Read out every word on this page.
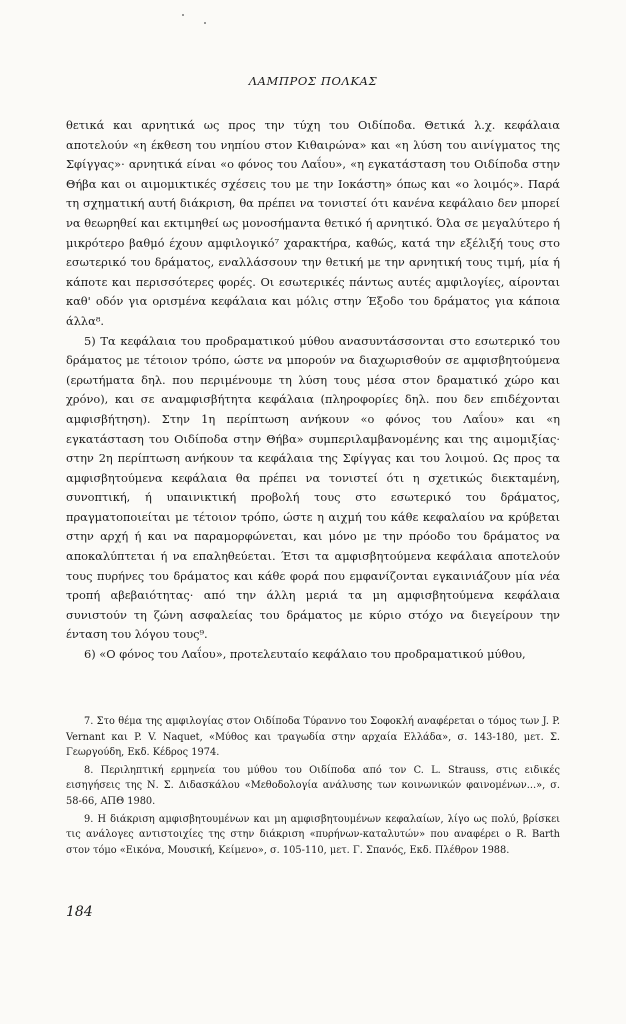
ΛΑΜΠΡΟΣ ΠΟΛΚΑΣ

θετικά και αρνητικά ως προς την τύχη του Οιδίποδα. Θετικά λ.χ. κεφάλαια αποτελούν «η έκθεση του νηπίου στον Κιθαιρώνα» και «η λύση του αινίγματος της Σφίγγας»· αρνητικά είναι «ο φόνος του Λαΐου», «η εγκατάσταση του Οιδίποδα στην Θήβα και οι αιμομικτικές σχέσεις του με την Ιοκάστη» όπως και «ο λοιμός». Παρά τη σχηματική αυτή διάκριση, θα πρέπει να τονιστεί ότι κανένα κεφάλαιο δεν μπορεί να θεωρηθεί και εκτιμηθεί ως μονοσήμαντα θετικό ή αρνητικό. Όλα σε μεγαλύτερο ή μικρότερο βαθμό έχουν αμφιλογικό⁷ χαρακτήρα, καθώς, κατά την εξέλιξή τους στο εσωτερικό του δράματος, εναλλάσσουν την θετική με την αρνητική τους τιμή, μία ή κάποτε και περισσότερες φορές. Οι εσωτερικές πάντως αυτές αμφιλογίες, αίρονται καθ' οδόν για ορισμένα κεφάλαια και μόλις στην Έξοδο του δράματος για κάποια άλλα⁸.

5) Τα κεφάλαια του προδραματικού μύθου ανασυντάσσονται στο εσωτερικό του δράματος με τέτοιον τρόπο, ώστε να μπορούν να διαχωρισθούν σε αμφισβητούμενα (ερωτήματα δηλ. που περιμένουμε τη λύση τους μέσα στον δραματικό χώρο και χρόνο), και σε αναμφισβήτητα κεφάλαια (πληροφορίες δηλ. που δεν επιδέχονται αμφισβήτηση). Στην 1η περίπτωση ανήκουν «ο φόνος του Λαΐου» και «η εγκατάσταση του Οιδίποδα στην Θήβα» συμπεριλαμβανομένης και της αιμομιξίας· στην 2η περίπτωση ανήκουν τα κεφάλαια της Σφίγγας και του λοιμού. Ως προς τα αμφισβητούμενα κεφάλαια θα πρέπει να τονιστεί ότι η σχετικώς διεκταμένη, συνοπτική, ή υπαινικτική προβολή τους στο εσωτερικό του δράματος, πραγματοποιείται με τέτοιον τρόπο, ώστε η αιχμή του κάθε κεφαλαίου να κρύβεται στην αρχή ή και να παραμορφώνεται, και μόνο με την πρόοδο του δράματος να αποκαλύπτεται ή να επαληθεύεται. Έτσι τα αμφισβητούμενα κεφάλαια αποτελούν τους πυρήνες του δράματος και κάθε φορά που εμφανίζονται εγκαινιάζουν μία νέα τροπή αβεβαιότητας· από την άλλη μεριά τα μη αμφισβητούμενα κεφάλαια συνιστούν τη ζώνη ασφαλείας του δράματος με κύριο στόχο να διεγείρουν την ένταση του λόγου τους⁹.

6) «Ο φόνος του Λαΐου», προτελευταίο κεφάλαιο του προδραματικού μύθου,

7. Στο θέμα της αμφιλογίας στον Οιδίποδα Τύραννο του Σοφοκλή αναφέρεται ο τόμος των J. P. Vernant και P. V. Naquet, «Μύθος και τραγωδία στην αρχαία Ελλάδα», σ. 143-180, μετ. Σ. Γεωργούδη, Εκδ. Κέδρος 1974.

8. Περιληπτική ερμηνεία του μύθου του Οιδίποδα από τον C. L. Strauss, στις ειδικές εισηγήσεις της Ν. Σ. Διδασκάλου «Μεθοδολογία ανάλυσης των κοινωνικών φαινομένων...», σ. 58-66, ΑΠΘ 1980.

9. Η διάκριση αμφισβητουμένων και μη αμφισβητουμένων κεφαλαίων, λίγο ως πολύ, βρίσκει τις ανάλογες αντιστοιχίες της στην διάκριση «πυρήνων-καταλυτών» που αναφέρει ο R. Barth στον τόμο «Εικόνα, Μουσική, Κείμενο», σ. 105-110, μετ. Γ. Σπανός, Εκδ. Πλέθρον 1988.

184
